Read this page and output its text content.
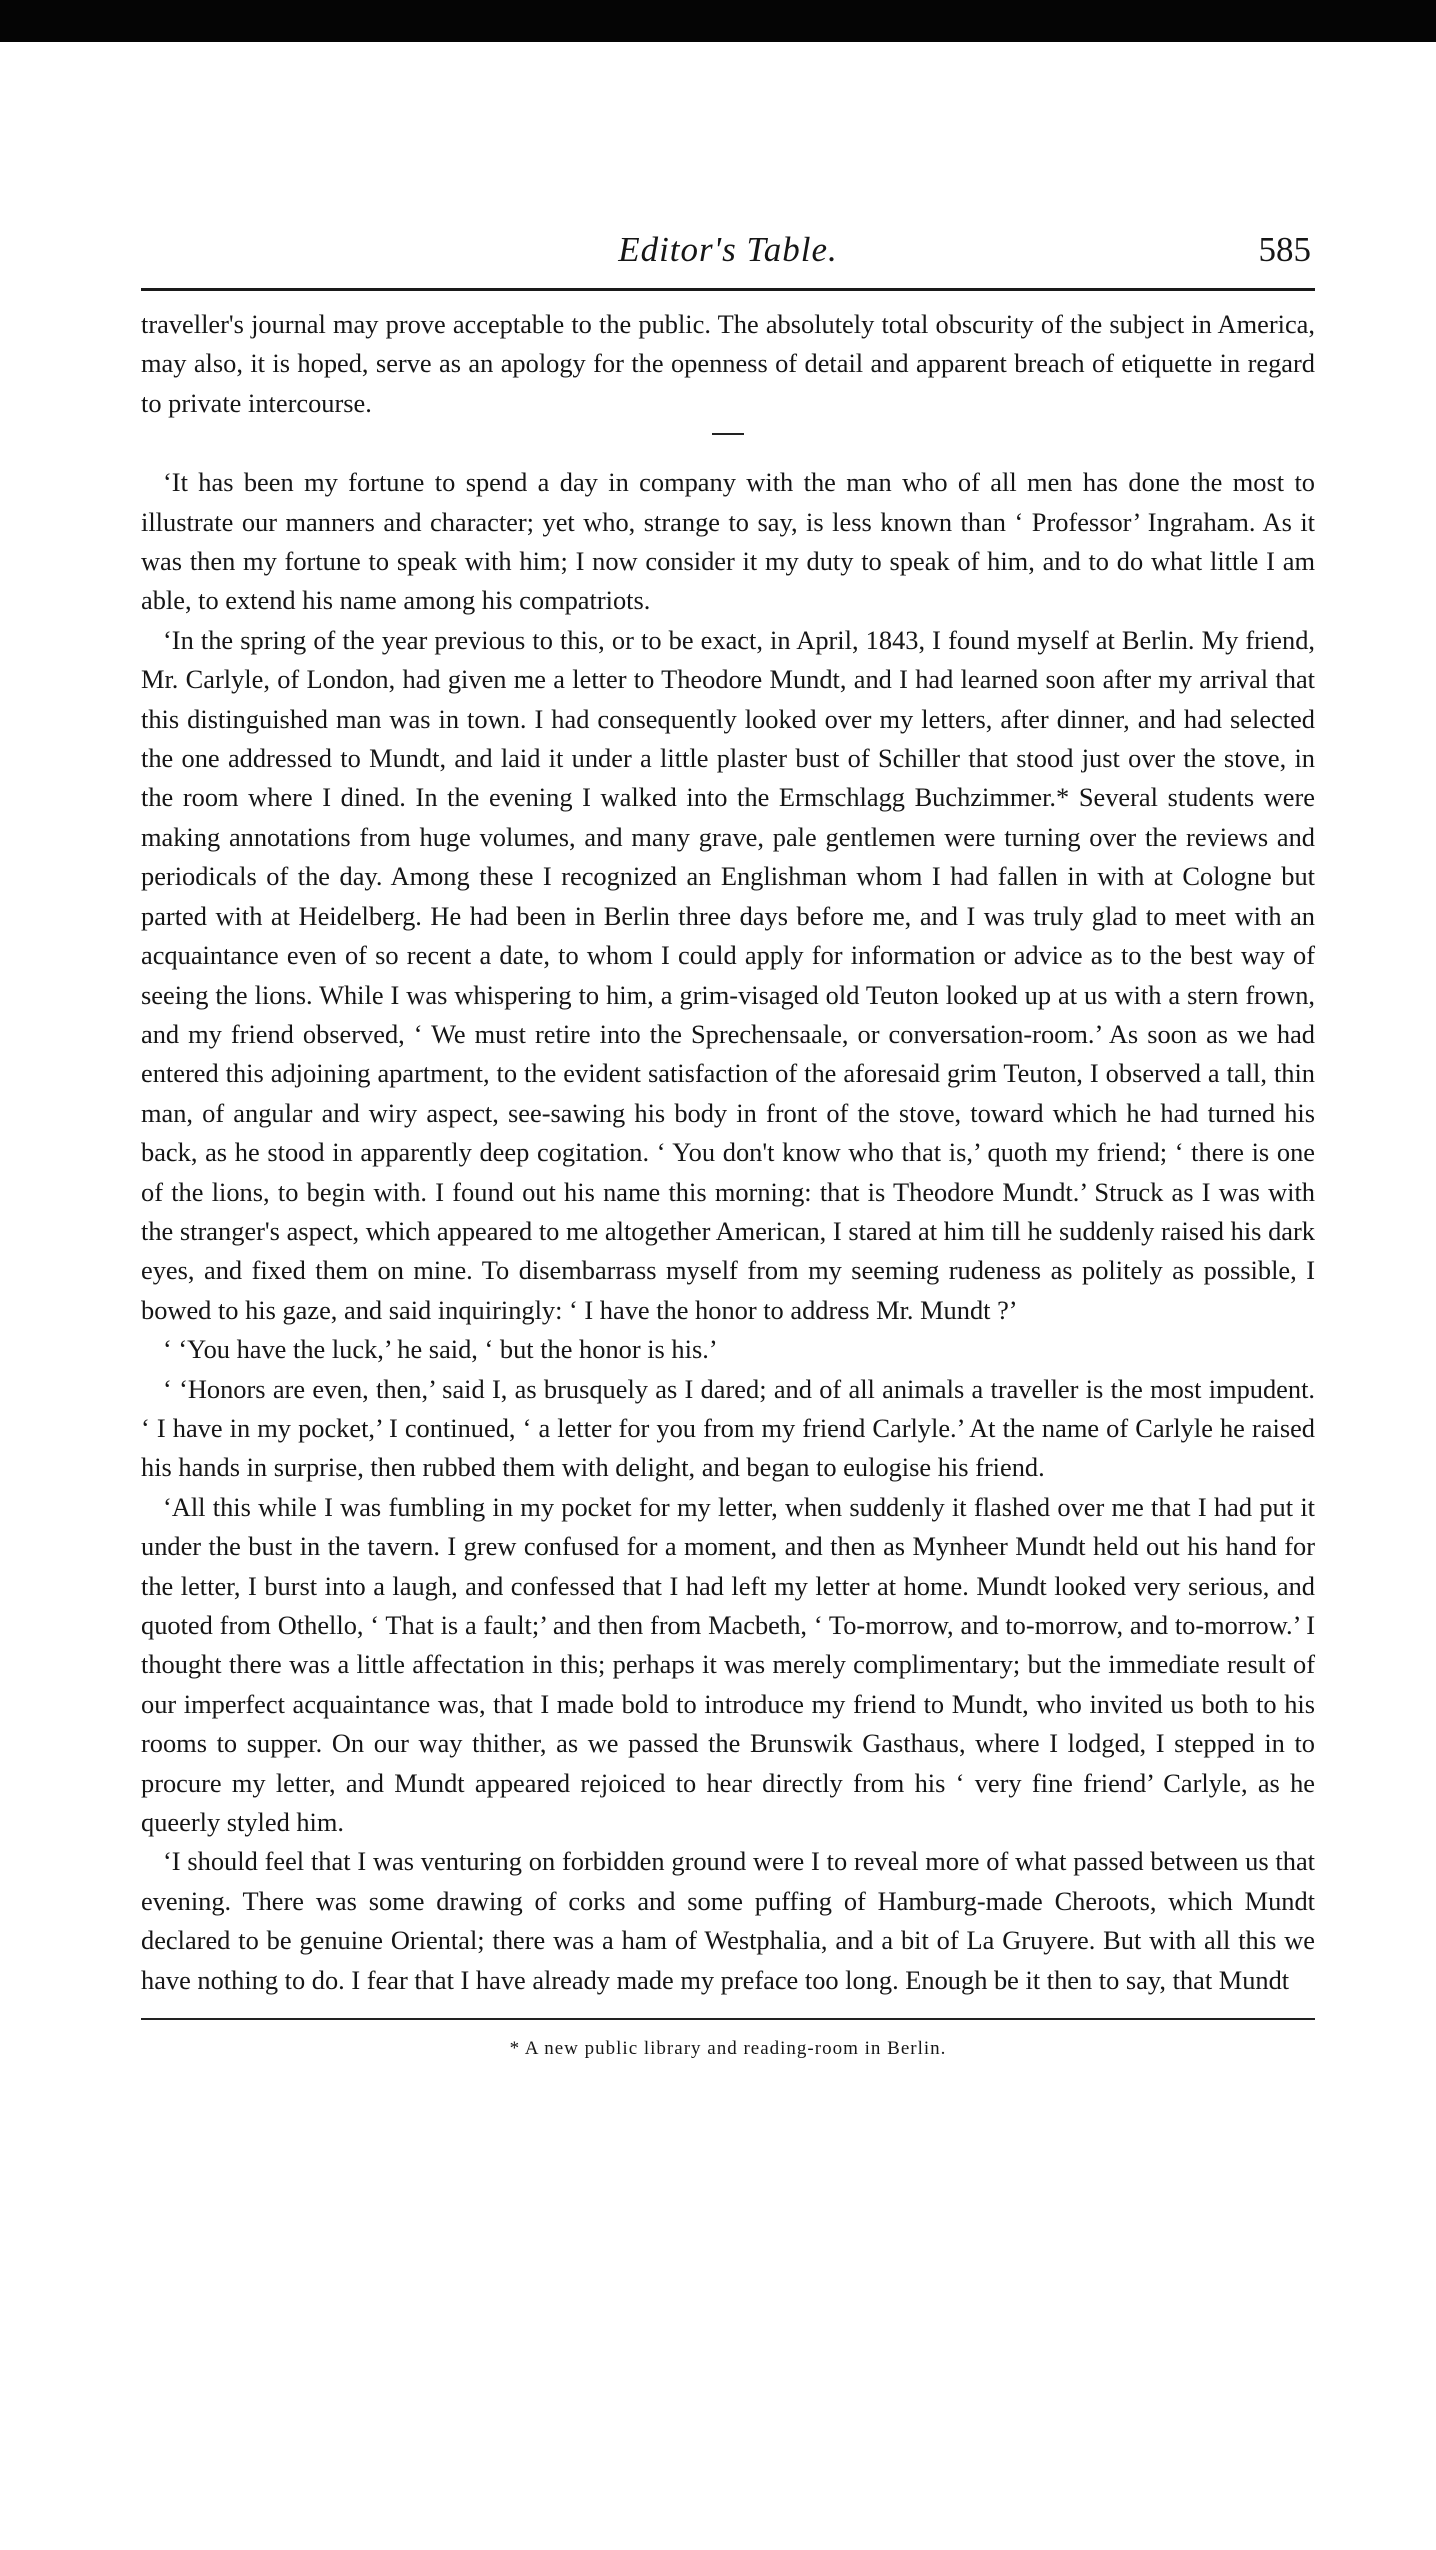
Editor's Table.	585

traveller's journal may prove acceptable to the public. The absolutely total obscurity of the subject in America, may also, it is hoped, serve as an apology for the openness of detail and apparent breach of etiquette in regard to private intercourse.

‘It has been my fortune to spend a day in company with the man who of all men has done the most to illustrate our manners and character; yet who, strange to say, is less known than ‘ Professor’ Ingraham. As it was then my fortune to speak with him; I now consider it my duty to speak of him, and to do what little I am able, to extend his name among his compatriots.

‘In the spring of the year previous to this, or to be exact, in April, 1843, I found myself at Berlin. My friend, Mr. Carlyle, of London, had given me a letter to Theodore Mundt, and I had learned soon after my arrival that this distinguished man was in town. I had consequently looked over my letters, after dinner, and had selected the one addressed to Mundt, and laid it under a little plaster bust of Schiller that stood just over the stove, in the room where I dined. In the evening I walked into the Ermschlagg Buchzimmer.* Several students were making annotations from huge volumes, and many grave, pale gentlemen were turning over the reviews and periodicals of the day. Among these I recognized an Englishman whom I had fallen in with at Cologne but parted with at Heidelberg. He had been in Berlin three days before me, and I was truly glad to meet with an acquaintance even of so recent a date, to whom I could apply for information or advice as to the best way of seeing the lions. While I was whispering to him, a grim-visaged old Teuton looked up at us with a stern frown, and my friend observed, ‘ We must retire into the Sprechensaale, or conversation-room.’ As soon as we had entered this adjoining apartment, to the evident satisfaction of the aforesaid grim Teuton, I observed a tall, thin man, of angular and wiry aspect, see-sawing his body in front of the stove, toward which he had turned his back, as he stood in apparently deep cogitation. ‘ You don't know who that is,’ quoth my friend; ‘ there is one of the lions, to begin with. I found out his name this morning: that is Theodore Mundt.’ Struck as I was with the stranger's aspect, which appeared to me altogether American, I stared at him till he suddenly raised his dark eyes, and fixed them on mine. To disembarrass myself from my seeming rudeness as politely as possible, I bowed to his gaze, and said inquiringly: ‘ I have the honor to address Mr. Mundt ?’

‘ ‘You have the luck,’ he said, ‘ but the honor is his.’

‘ ‘Honors are even, then,’ said I, as brusquely as I dared; and of all animals a traveller is the most impudent. ‘ I have in my pocket,’ I continued, ‘ a letter for you from my friend Carlyle.’ At the name of Carlyle he raised his hands in surprise, then rubbed them with delight, and began to eulogise his friend.

‘All this while I was fumbling in my pocket for my letter, when suddenly it flashed over me that I had put it under the bust in the tavern. I grew confused for a moment, and then as Mynheer Mundt held out his hand for the letter, I burst into a laugh, and confessed that I had left my letter at home. Mundt looked very serious, and quoted from Othello, ‘ That is a fault;’ and then from Macbeth, ‘ To-morrow, and to-morrow, and to-morrow.’ I thought there was a little affectation in this; perhaps it was merely complimentary; but the immediate result of our imperfect acquaintance was, that I made bold to introduce my friend to Mundt, who invited us both to his rooms to supper. On our way thither, as we passed the Brunswik Gasthaus, where I lodged, I stepped in to procure my letter, and Mundt appeared rejoiced to hear directly from his ‘ very fine friend’ Carlyle, as he queerly styled him.

‘I should feel that I was venturing on forbidden ground were I to reveal more of what passed between us that evening. There was some drawing of corks and some puffing of Hamburg-made Cheroots, which Mundt declared to be genuine Oriental; there was a ham of Westphalia, and a bit of La Gruyere. But with all this we have nothing to do. I fear that I have already made my preface too long. Enough be it then to say, that Mundt

* A new public library and reading-room in Berlin.
